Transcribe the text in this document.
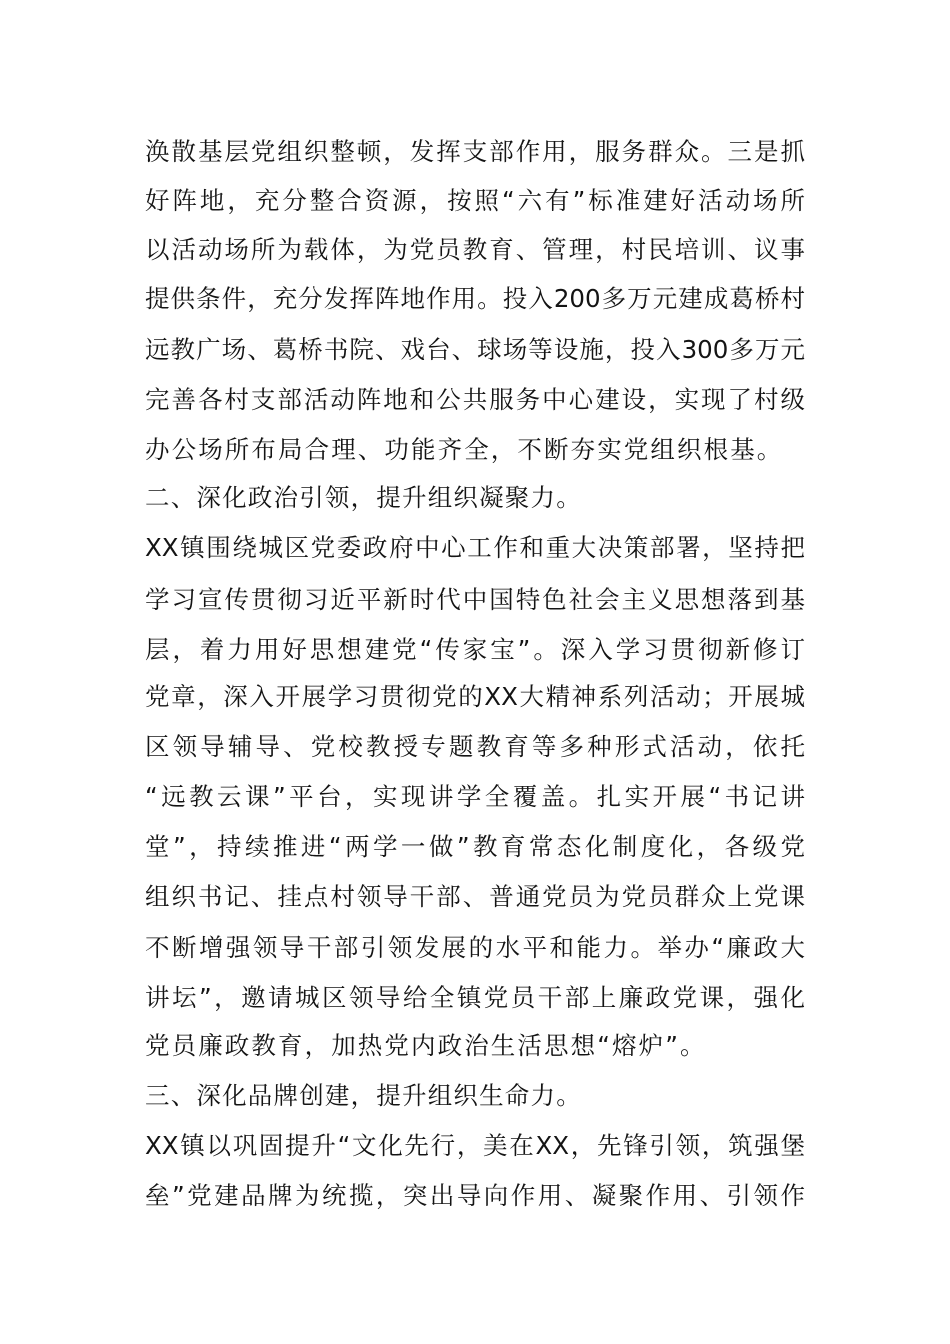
涣散基层党组织整顿，发挥支部作用，服务群众。三是抓
好阵地，充分整合资源，按照“六有”标准建好活动场所
以活动场所为载体，为党员教育、管理，村民培训、议事
提供条件，充分发挥阵地作用。投入200多万元建成葛桥村
远教广场、葛桥书院、戏台、球场等设施，投入300多万元
完善各村支部活动阵地和公共服务中心建设，实现了村级
办公场所布局合理、功能齐全，不断夯实党组织根基。
二、深化政治引领，提升组织凝聚力。
XX镇围绕城区党委政府中心工作和重大决策部署，坚持把
学习宣传贯彻习近平新时代中国特色社会主义思想落到基
层，着力用好思想建党“传家宝”。深入学习贯彻新修订
党章，深入开展学习贯彻党的XX大精神系列活动；开展城
区领导辅导、党校教授专题教育等多种形式活动，依托
“远教云课”平台，实现讲学全覆盖。扎实开展“书记讲
堂”，持续推进“两学一做”教育常态化制度化，各级党
组织书记、挂点村领导干部、普通党员为党员群众上党课
不断增强领导干部引领发展的水平和能力。举办“廉政大
讲坛”，邀请城区领导给全镇党员干部上廉政党课，强化
党员廉政教育，加热党内政治生活思想“熔炉”。
三、深化品牌创建，提升组织生命力。
XX镇以巩固提升“文化先行，美在XX，先锋引领，筑强堡
垒”党建品牌为统揽，突出导向作用、凝聚作用、引领作
